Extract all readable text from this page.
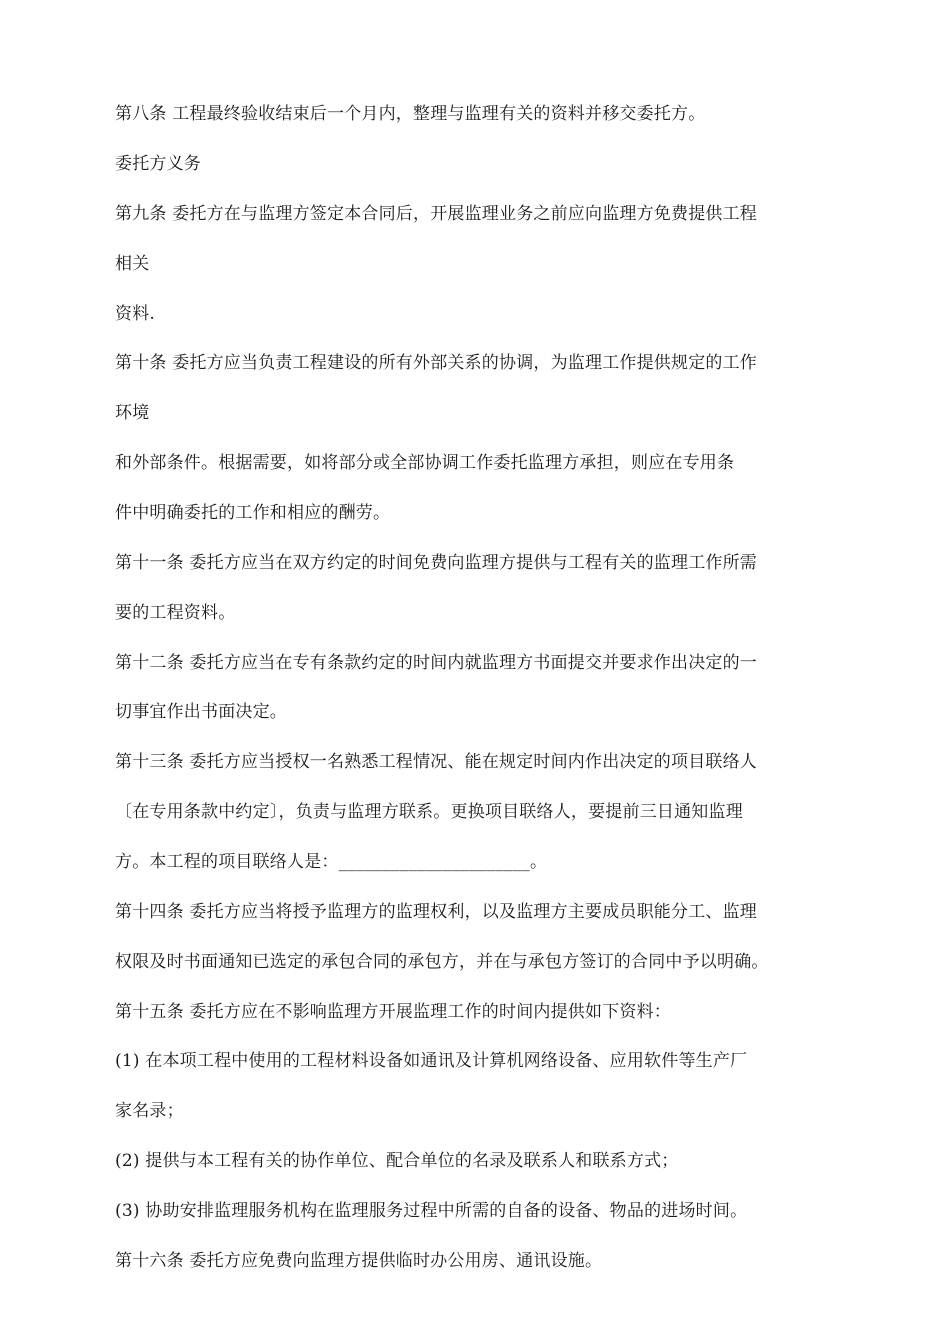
第八条 工程最终验收结束后一个月内，整理与监理有关的资料并移交委托方。
委托方义务
第九条 委托方在与监理方签定本合同后，开展监理业务之前应向监理方免费提供工程
相关
资料.
第十条 委托方应当负责工程建设的所有外部关系的协调，为监理工作提供规定的工作
环境
和外部条件。根据需要，如将部分或全部协调工作委托监理方承担，则应在专用条
件中明确委托的工作和相应的酬劳。
第十一条 委托方应当在双方约定的时间免费向监理方提供与工程有关的监理工作所需
要的工程资料。
第十二条 委托方应当在专有条款约定的时间内就监理方书面提交并要求作出决定的一
切事宜作出书面决定。
第十三条 委托方应当授权一名熟悉工程情况、能在规定时间内作出决定的项目联络人
〔在专用条款中约定〕，负责与监理方联系。更换项目联络人，要提前三日通知监理
方。本工程的项目联络人是：______________________。
第十四条 委托方应当将授予监理方的监理权利，以及监理方主要成员职能分工、监理
权限及时书面通知已选定的承包合同的承包方，并在与承包方签订的合同中予以明确。
第十五条 委托方应在不影响监理方开展监理工作的时间内提供如下资料：
(1) 在本项工程中使用的工程材料设备如通讯及计算机网络设备、应用软件等生产厂
家名录；
(2) 提供与本工程有关的协作单位、配合单位的名录及联系人和联系方式；
(3) 协助安排监理服务机构在监理服务过程中所需的自备的设备、物品的进场时间。
第十六条 委托方应免费向监理方提供临时办公用房、通讯设施。
